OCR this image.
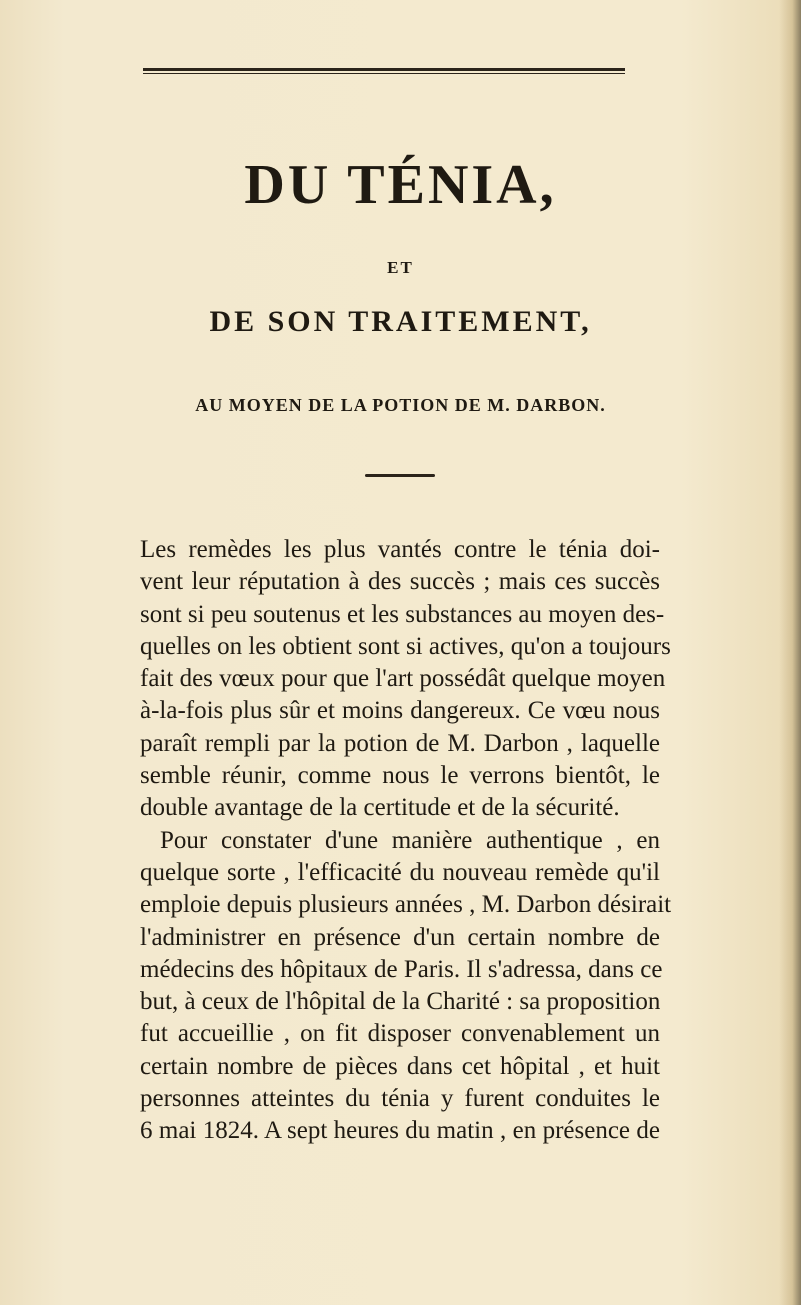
DU TÉNIA,
ET
DE SON TRAITEMENT,
AU MOYEN DE LA POTION DE M. DARBON.
Les remèdes les plus vantés contre le ténia doi-
vent leur réputation à des succès ; mais ces succès
sont si peu soutenus et les substances au moyen des-
quelles on les obtient sont si actives, qu'on a toujours
fait des vœux pour que l'art possédât quelque moyen
à-la-fois plus sûr et moins dangereux. Ce vœu nous
paraît rempli par la potion de M. Darbon , laquelle
semble réunir, comme nous le verrons bientôt, le
double avantage de la certitude et de la sécurité.
Pour constater d'une manière authentique , en
quelque sorte , l'efficacité du nouveau remède qu'il
emploie depuis plusieurs années , M. Darbon désirait
l'administrer en présence d'un certain nombre de
médecins des hôpitaux de Paris. Il s'adressa, dans ce
but, à ceux de l'hôpital de la Charité : sa proposition
fut accueillie , on fit disposer convenablement un
certain nombre de pièces dans cet hôpital , et huit
personnes atteintes du ténia y furent conduites le
6 mai 1824. A sept heures du matin , en présence de
